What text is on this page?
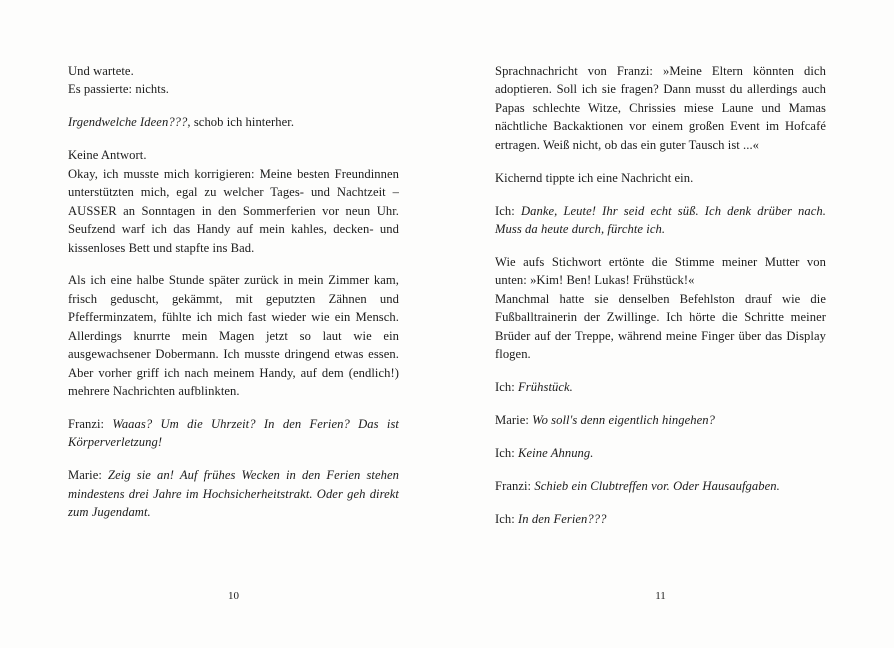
Und wartete.

Es passierte: nichts.

Irgendwelche Ideen???, schob ich hinterher.

Keine Antwort.

Okay, ich musste mich korrigieren: Meine besten Freundinnen unterstützten mich, egal zu welcher Tages- und Nachtzeit – AUSSER an Sonntagen in den Sommerferien vor neun Uhr. Seufzend warf ich das Handy auf mein kahles, decken- und kissenloses Bett und stapfte ins Bad.

Als ich eine halbe Stunde später zurück in mein Zimmer kam, frisch geduscht, gekämmt, mit geputzten Zähnen und Pfefferminzatem, fühlte ich mich fast wieder wie ein Mensch. Allerdings knurrte mein Magen jetzt so laut wie ein ausgewachsener Dobermann. Ich musste dringend etwas essen. Aber vorher griff ich nach meinem Handy, auf dem (endlich!) mehrere Nachrichten aufblinkten.

Franzi: Waaas? Um die Uhrzeit? In den Ferien? Das ist Körperverletzung!

Marie: Zeig sie an! Auf frühes Wecken in den Ferien stehen mindestens drei Jahre im Hochsicherheitstrakt. Oder geh direkt zum Jugendamt.

10

Sprachnachricht von Franzi: »Meine Eltern könnten dich adoptieren. Soll ich sie fragen? Dann musst du allerdings auch Papas schlechte Witze, Chrissies miese Laune und Mamas nächtliche Backaktionen vor einem großen Event im Hofcafé ertragen. Weiß nicht, ob das ein guter Tausch ist ...«

Kichernd tippte ich eine Nachricht ein.

Ich: Danke, Leute! Ihr seid echt süß. Ich denk drüber nach. Muss da heute durch, fürchte ich.

Wie aufs Stichwort ertönte die Stimme meiner Mutter von unten: »Kim! Ben! Lukas! Frühstück!«

Manchmal hatte sie denselben Befehlston drauf wie die Fußballtrainerin der Zwillinge. Ich hörte die Schritte meiner Brüder auf der Treppe, während meine Finger über das Display flogen.

Ich: Frühstück.

Marie: Wo soll's denn eigentlich hingehen?

Ich: Keine Ahnung.

Franzi: Schieb ein Clubtreffen vor. Oder Hausaufgaben.

Ich: In den Ferien???

11
